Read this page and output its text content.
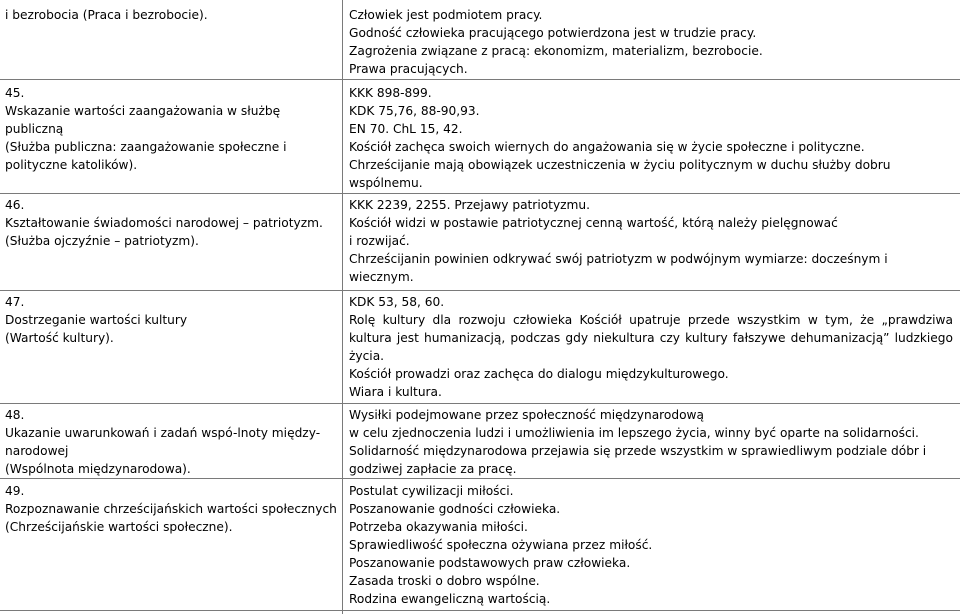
i bezrobocia (Praca i bezrobocie).	Człowiek jest podmiotem pracy.
Godność człowieka pracującego potwierdzona jest w trudzie pracy.
Zagrożenia związane z pracą: ekonomizm, materializm, bezrobocie.
Prawa pracujących.
45.
Wskazanie wartości zaangażowania w służbę
publiczną
(Służba publiczna: zaangażowanie społeczne i
polityczne katolików).
KKK 898-899.
KDK 75,76, 88-90,93.
EN 70. ChL 15, 42.
Kościół zachęca swoich wiernych do angażowania się w życie społeczne i polityczne.
Chrześcijanie mają obowiązek uczestniczenia w życiu politycznym w duchu służby dobru
wspólnemu.
46.
Kształtowanie świadomości narodowej – patriotyzm.
(Służba ojczyźnie – patriotyzm).
KKK 2239, 2255. Przejawy patriotyzmu.
Kościół widzi w postawie patriotycznej cenną wartość, którą należy pielęgnować
i rozwijać.
Chrześcijanin powinien odkrywać swój patriotyzm w podwójnym wymiarze: docześnym i
wiecznym.
47.
Dostrzeganie wartości kultury
(Wartość kultury).
KDK 53, 58, 60.
Rolę kultury dla rozwoju człowieka Kościół upatruje przede wszystkim w tym, że „prawdziwa
kultura jest humanizacją, podczas gdy niekultura czy kultury fałszywe dehumanizacją” ludzkiego
życia.
Kościół prowadzi oraz zachęca do dialogu międzykulturowego.
Wiara i kultura.
48.
Ukazanie uwarunkowań i zadań wspó-lnoty między-
narodowej
(Wspólnota międzynarodowa).
Wysiłki podejmowane przez społeczność międzynarodową
w celu zjednoczenia ludzi i umożliwienia im lepszego życia, winny być oparte na solidarności.
Solidarność międzynarodowa przejawia się przede wszystkim w sprawiedliwym podziale dóbr i
godziwej zapłacie za pracę.
49.
Rozpoznawanie chrześcijańskich wartości społecznych
(Chrześcijańskie wartości społeczne).
Postulat cywilizacji miłości.
Poszanowanie godności człowieka.
Potrzeba okazywania miłości.
Sprawiedliwość społeczna ożywiana przez miłość.
Poszanowanie podstawowych praw człowieka.
Zasada troski o dobro wspólne.
Rodzina ewangeliczną wartością.
